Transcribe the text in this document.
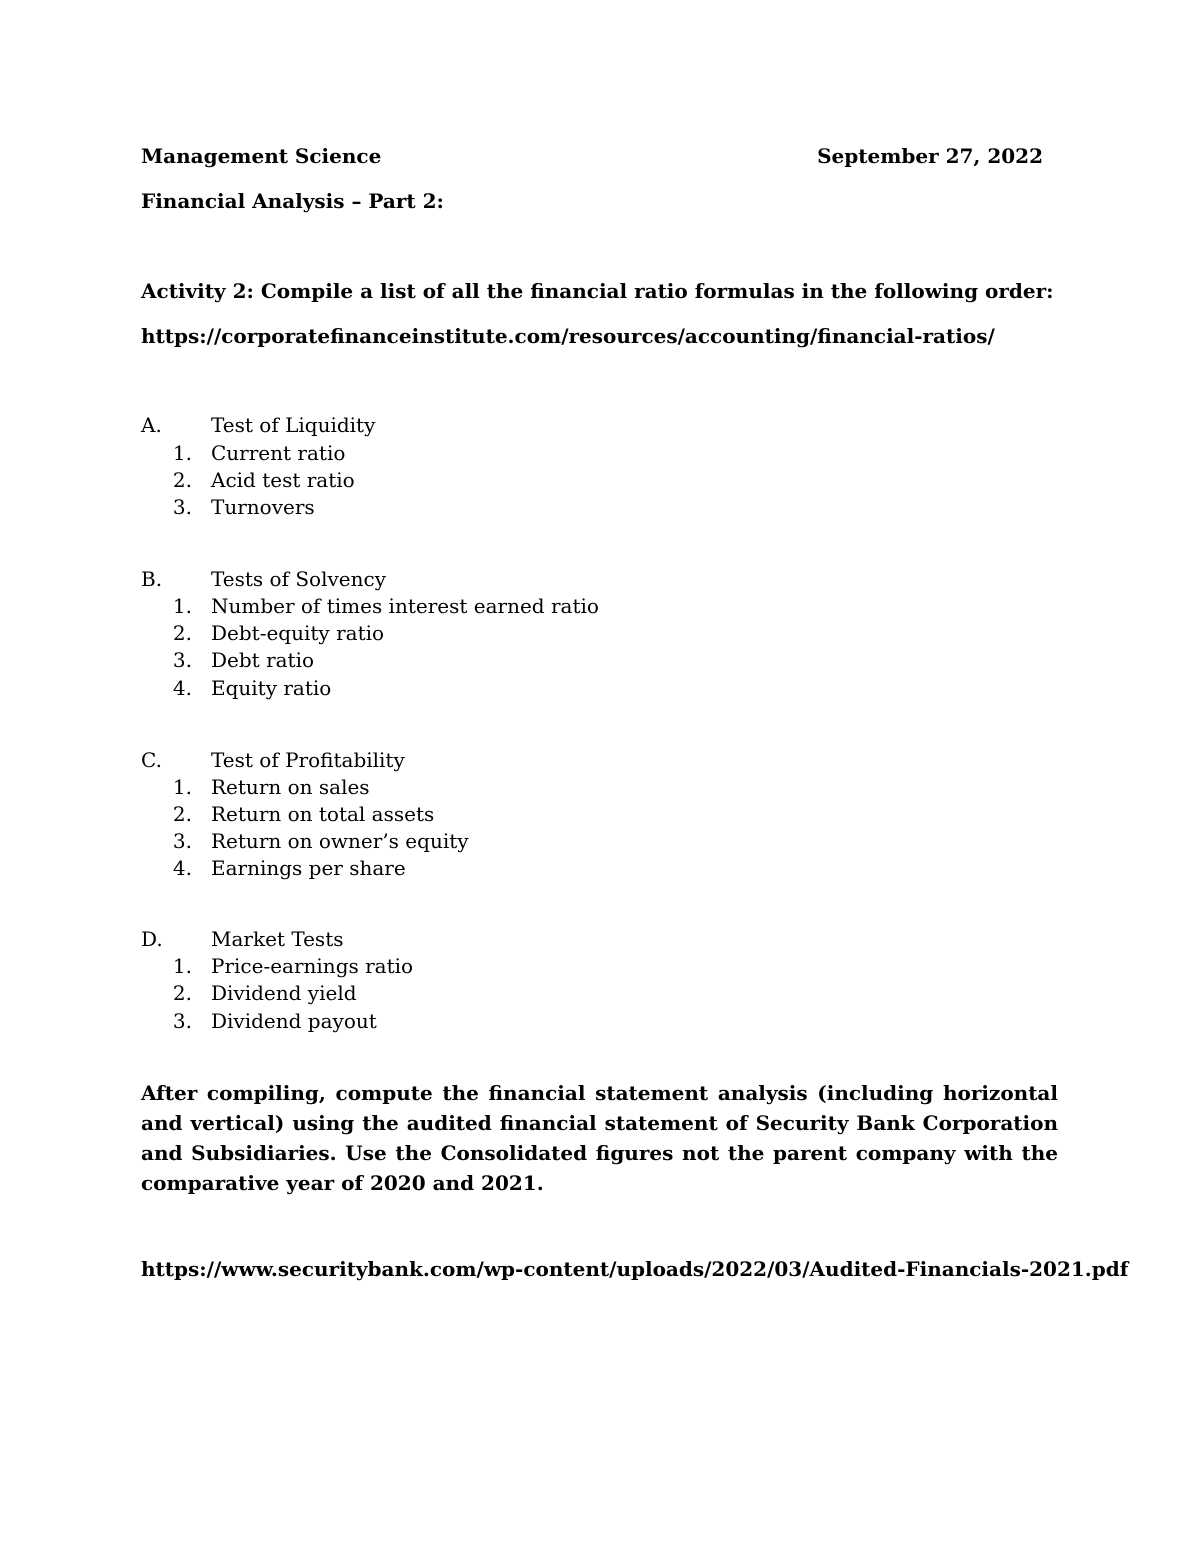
Management Science	September 27, 2022
Financial Analysis – Part 2:
Activity 2: Compile a list of all the financial ratio formulas in the following order:
https://corporatefinanceinstitute.com/resources/accounting/financial-ratios/
A. Test of Liquidity
1. Current ratio
2. Acid test ratio
3. Turnovers
B. Tests of Solvency
1. Number of times interest earned ratio
2. Debt-equity ratio
3. Debt ratio
4. Equity ratio
C. Test of Profitability
1. Return on sales
2. Return on total assets
3. Return on owner’s equity
4. Earnings per share
D. Market Tests
1. Price-earnings ratio
2. Dividend yield
3. Dividend payout

After compiling, compute the financial statement analysis (including horizontal and vertical) using the audited financial statement of Security Bank Corporation and Subsidiaries. Use the Consolidated figures not the parent company with the comparative year of 2020 and 2021.

https://www.securitybank.com/wp-content/uploads/2022/03/Audited-Financials-2021.pdf
